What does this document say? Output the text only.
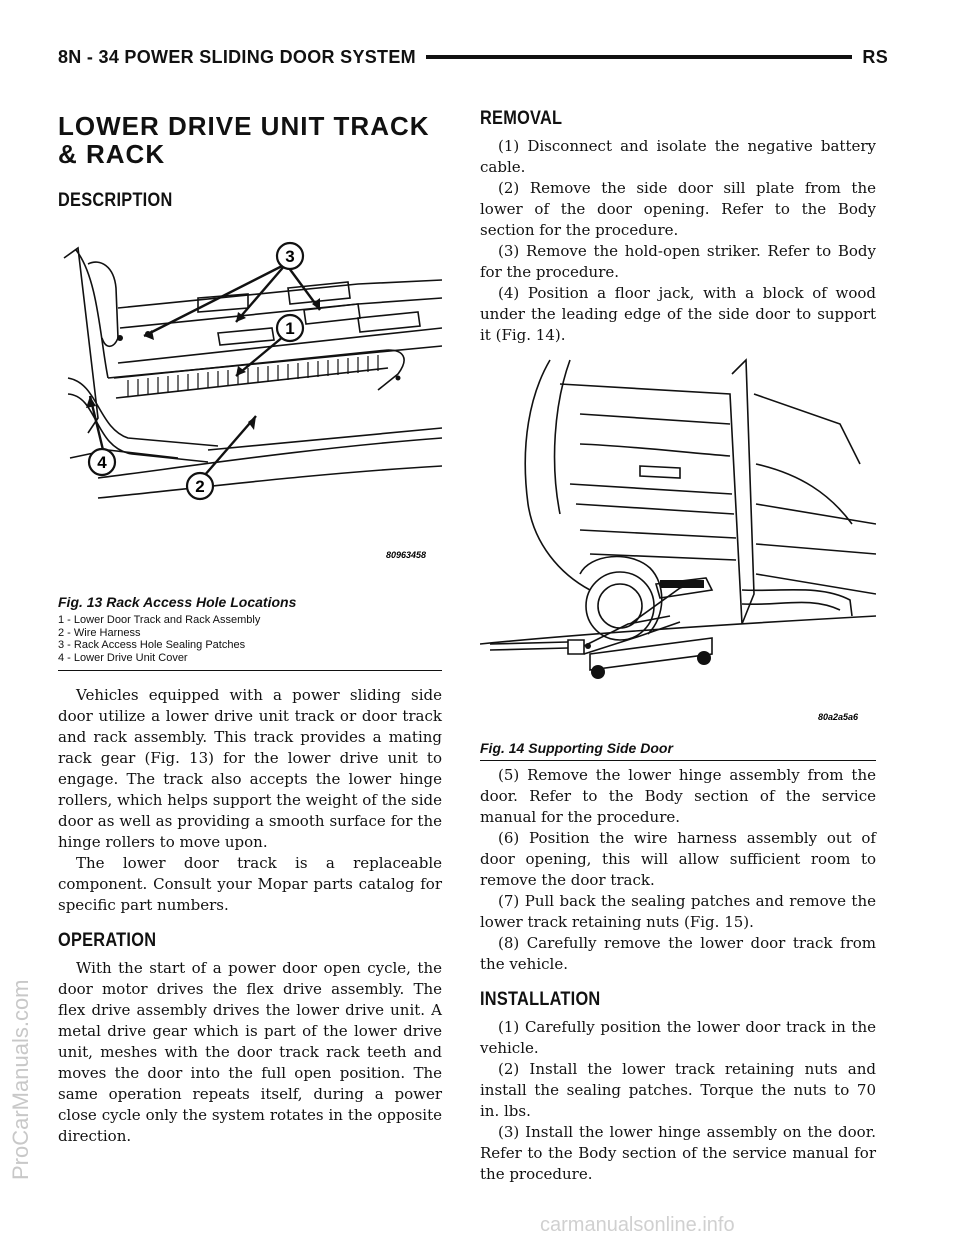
8N - 34 POWER SLIDING DOOR SYSTEM	RS
ProCarManuals.com
carmanualsonline.info
LOWER DRIVE UNIT TRACK & RACK
DESCRIPTION
3
1
2
4
80963458
Fig. 13 Rack Access Hole Locations
1 - Lower Door Track and Rack Assembly
2 - Wire Harness
3 - Rack Access Hole Sealing Patches
4 - Lower Drive Unit Cover

Vehicles equipped with a power sliding side door utilize a lower drive unit track or door track and rack assembly. This track provides a mating rack gear (Fig. 13) for the lower drive unit to engage. The track also accepts the lower hinge rollers, which helps support the weight of the side door as well as providing a smooth surface for the hinge rollers to move upon.

The lower door track is a replaceable component. Consult your Mopar parts catalog for specific part numbers.

OPERATION

With the start of a power door open cycle, the door motor drives the flex drive assembly. The flex drive assembly drives the lower drive unit. A metal drive gear which is part of the lower drive unit, meshes with the door track rack teeth and moves the door into the full open position. The same operation repeats itself, during a power close cycle only the system rotates in the opposite direction.

REMOVAL

(1) Disconnect and isolate the negative battery cable.

(2) Remove the side door sill plate from the lower of the door opening. Refer to the Body section for the procedure.

(3) Remove the hold-open striker. Refer to Body for the procedure.

(4) Position a floor jack, with a block of wood under the leading edge of the side door to support it (Fig. 14).

80a2a5a6
Fig. 14 Supporting Side Door

(5) Remove the lower hinge assembly from the door. Refer to the Body section of the service manual for the procedure.

(6) Position the wire harness assembly out of door opening, this will allow sufficient room to remove the door track.

(7) Pull back the sealing patches and remove the lower track retaining nuts (Fig. 15).

(8) Carefully remove the lower door track from the vehicle.

INSTALLATION

(1) Carefully position the lower door track in the vehicle.

(2) Install the lower track retaining nuts and install the sealing patches. Torque the nuts to 70 in. lbs.

(3) Install the lower hinge assembly on the door. Refer to the Body section of the service manual for the procedure.
